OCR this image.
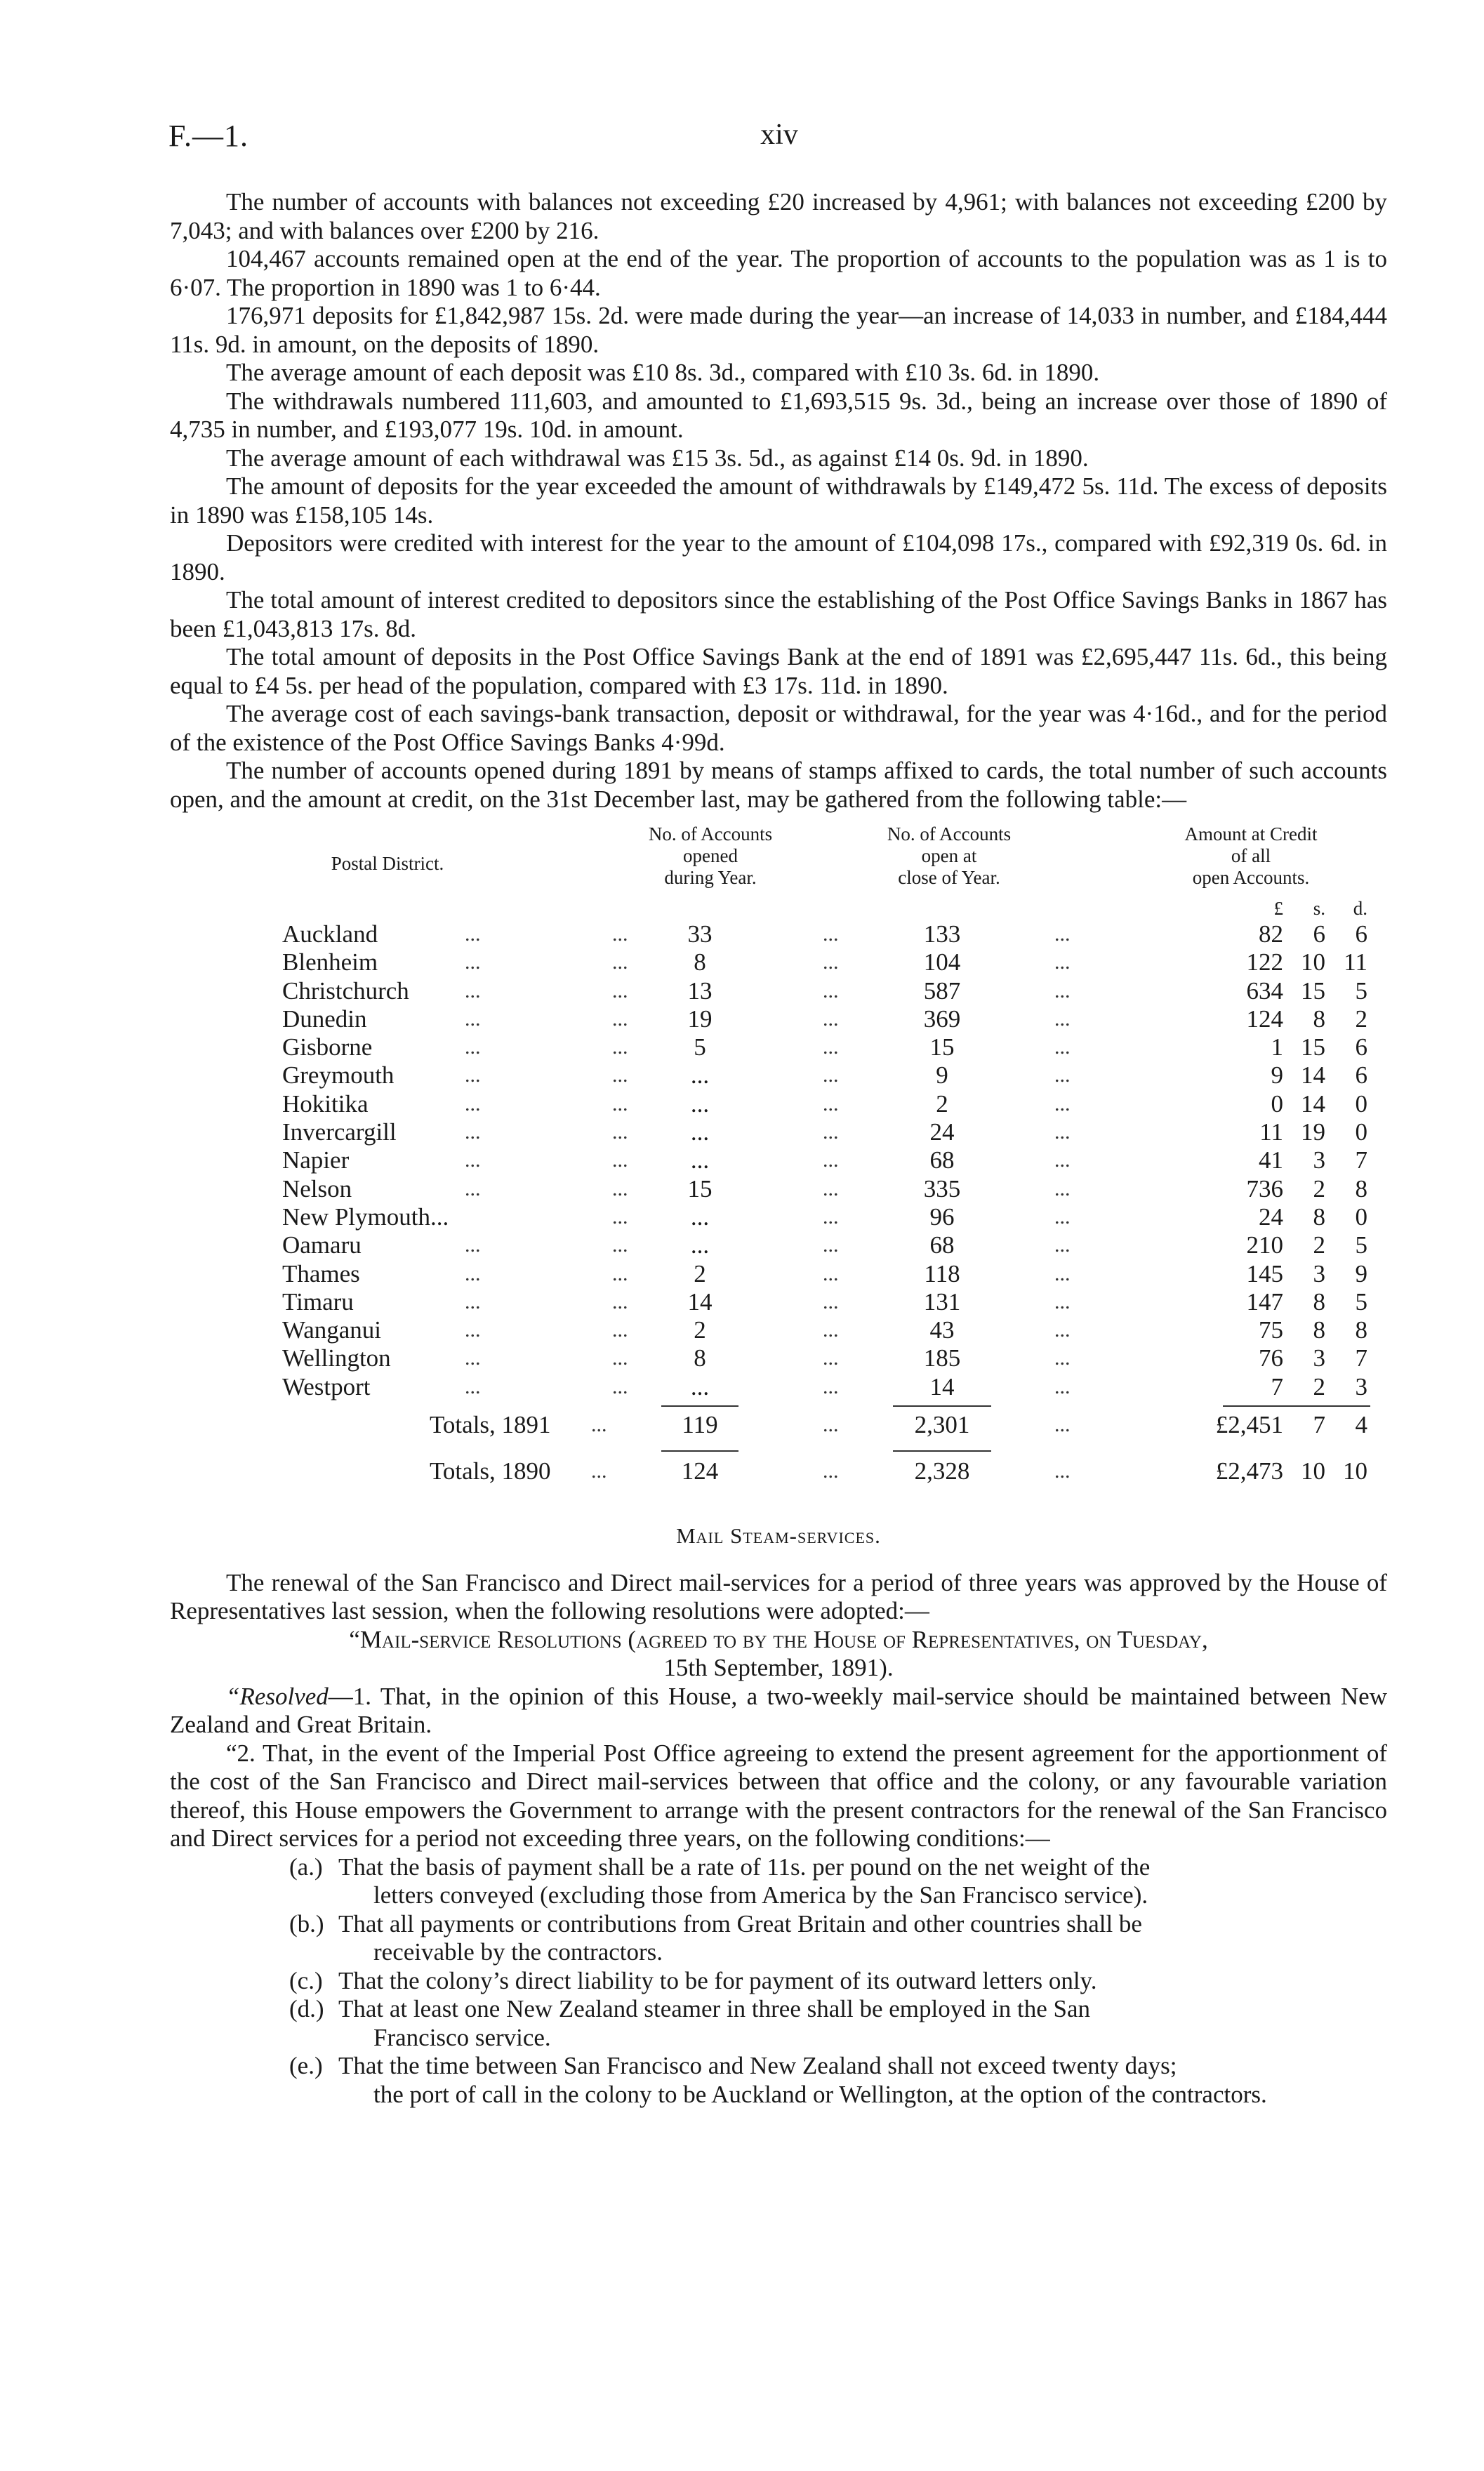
xiv
F.—1.

The number of accounts with balances not exceeding £20 increased by 4,961; with balances not exceeding £200 by 7,043; and with balances over £200 by 216.

104,467 accounts remained open at the end of the year. The proportion of accounts to the population was as 1 is to 6·07. The proportion in 1890 was 1 to 6·44.

176,971 deposits for £1,842,987 15s. 2d. were made during the year—an increase of 14,033 in number, and £184,444 11s. 9d. in amount, on the deposits of 1890.

The average amount of each deposit was £10 8s. 3d., compared with £10 3s. 6d. in 1890.

The withdrawals numbered 111,603, and amounted to £1,693,515 9s. 3d., being an increase over those of 1890 of 4,735 in number, and £193,077 19s. 10d. in amount.

The average amount of each withdrawal was £15 3s. 5d., as against £14 0s. 9d. in 1890.

The amount of deposits for the year exceeded the amount of withdrawals by £149,472 5s. 11d. The excess of deposits in 1890 was £158,105 14s.

Depositors were credited with interest for the year to the amount of £104,098 17s., compared with £92,319 0s. 6d. in 1890.

The total amount of interest credited to depositors since the establishing of the Post Office Savings Banks in 1867 has been £1,043,813 17s. 8d.

The total amount of deposits in the Post Office Savings Bank at the end of 1891 was £2,695,447 11s. 6d., this being equal to £4 5s. per head of the population, compared with £3 17s. 11d. in 1890.

The average cost of each savings-bank transaction, deposit or withdrawal, for the year was 4·16d., and for the period of the existence of the Post Office Savings Banks 4·99d.

The number of accounts opened during 1891 by means of stamps affixed to cards, the total number of such accounts open, and the amount at credit, on the 31st December last, may be gathered from the following table:—

Postal District.
No. of Accounts
opened
during Year.
No. of Accounts
open at
close of Year.
Amount at Credit
of all
open Accounts.
£	s.	d.
Auckland	...	...	33	...	133	...	82	6	6
Blenheim	...	...	8	...	104	...	122 10 11
Christchurch	...	...	13	...	587	...	634 15	5
Dunedin	...	...	19	...	369	...	124	8	2
Gisborne	...	...	5	...	15	...	1 15	6
Greymouth	...	...	...	...	9	...	9 14	6
Hokitika	...	...	...	...	2	...	0 14	0
Invercargill	...	...	...	...	24	...	11 19	0
Napier	...	...	...	...	68	...	41	3	7
Nelson	...	...	15	...	335	...	736	2	8
New Plymouth...	...	...	...	96	...	24	8	0
Oamaru	...	...	...	...	68	...	210	2	5
Thames	...	...	2	...	118	...	145	3	9
Timaru	...	...	14	...	131	...	147	8	5
Wanganui	...	...	2	...	43	...	75	8	8
Wellington	...	...	8	...	185	...	76	3	7
Westport	...	...	...	...	14	...	7	2	3
Totals, 1891 ...	119	...	2,301	...	£2,451	7	4
Totals, 1890 ...	124	...	2,328	...	£2,473 10 10

Mail Steam-services.

The renewal of the San Francisco and Direct mail-services for a period of three years was approved by the House of Representatives last session, when the following resolutions were adopted:—

“Mail-service Resolutions (agreed to by the House of Representatives, on Tuesday,
15th September, 1891).

“Resolved—1. That, in the opinion of this House, a two-weekly mail-service should be maintained between New Zealand and Great Britain.

“2. That, in the event of the Imperial Post Office agreeing to extend the present agreement for the apportionment of the cost of the San Francisco and Direct mail-services between that office and the colony, or any favourable variation thereof, this House empowers the Government to arrange with the present contractors for the renewal of the San Francisco and Direct services for a period not exceeding three years, on the following conditions:—

(a.) That the basis of payment shall be a rate of 11s. per pound on the net weight of the
letters conveyed (excluding those from America by the San Francisco service).
(b.) That all payments or contributions from Great Britain and other countries shall be
receivable by the contractors.
(c.) That the colony’s direct liability to be for payment of its outward letters only.
(d.) That at least one New Zealand steamer in three shall be employed in the San
Francisco service.
(e.) That the time between San Francisco and New Zealand shall not exceed twenty days;
the port of call in the colony to be Auckland or Wellington, at the option of the contractors.
